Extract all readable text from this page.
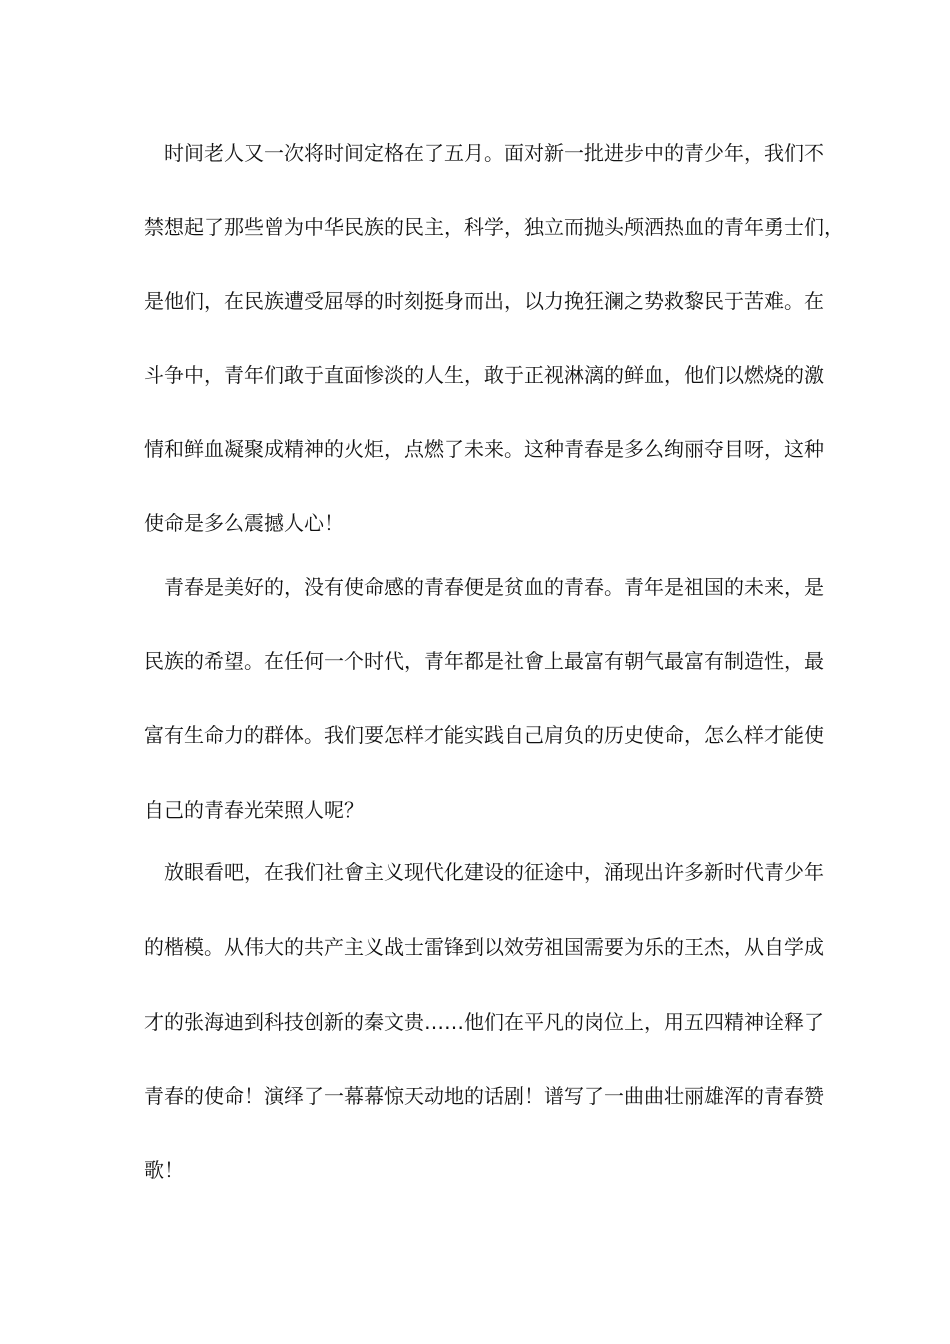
时间老人又一次将时间定格在了五月。面对新一批进步中的青少年，我们不
禁想起了那些曾为中华民族的民主，科学，独立而抛头颅洒热血的青年勇士们，
是他们，在民族遭受屈辱的时刻挺身而出，以力挽狂澜之势救黎民于苦难。在
斗争中，青年们敢于直面惨淡的人生，敢于正视淋漓的鲜血，他们以燃烧的激
情和鲜血凝聚成精神的火炬，点燃了未来。这种青春是多么绚丽夺目呀，这种
使命是多么震撼人心！
青春是美好的，没有使命感的青春便是贫血的青春。青年是祖国的未来，是
民族的希望。在任何一个时代，青年都是社會上最富有朝气最富有制造性，最
富有生命力的群体。我们要怎样才能实践自己肩负的历史使命，怎么样才能使
自己的青春光荣照人呢？
放眼看吧，在我们社會主义现代化建设的征途中，涌现出许多新时代青少年
的楷模。从伟大的共产主义战士雷锋到以效劳祖国需要为乐的王杰，从自学成
才的张海迪到科技创新的秦文贵……他们在平凡的岗位上，用五四精神诠释了
青春的使命！演绎了一幕幕惊天动地的话剧！谱写了一曲曲壮丽雄浑的青春赞
歌！
